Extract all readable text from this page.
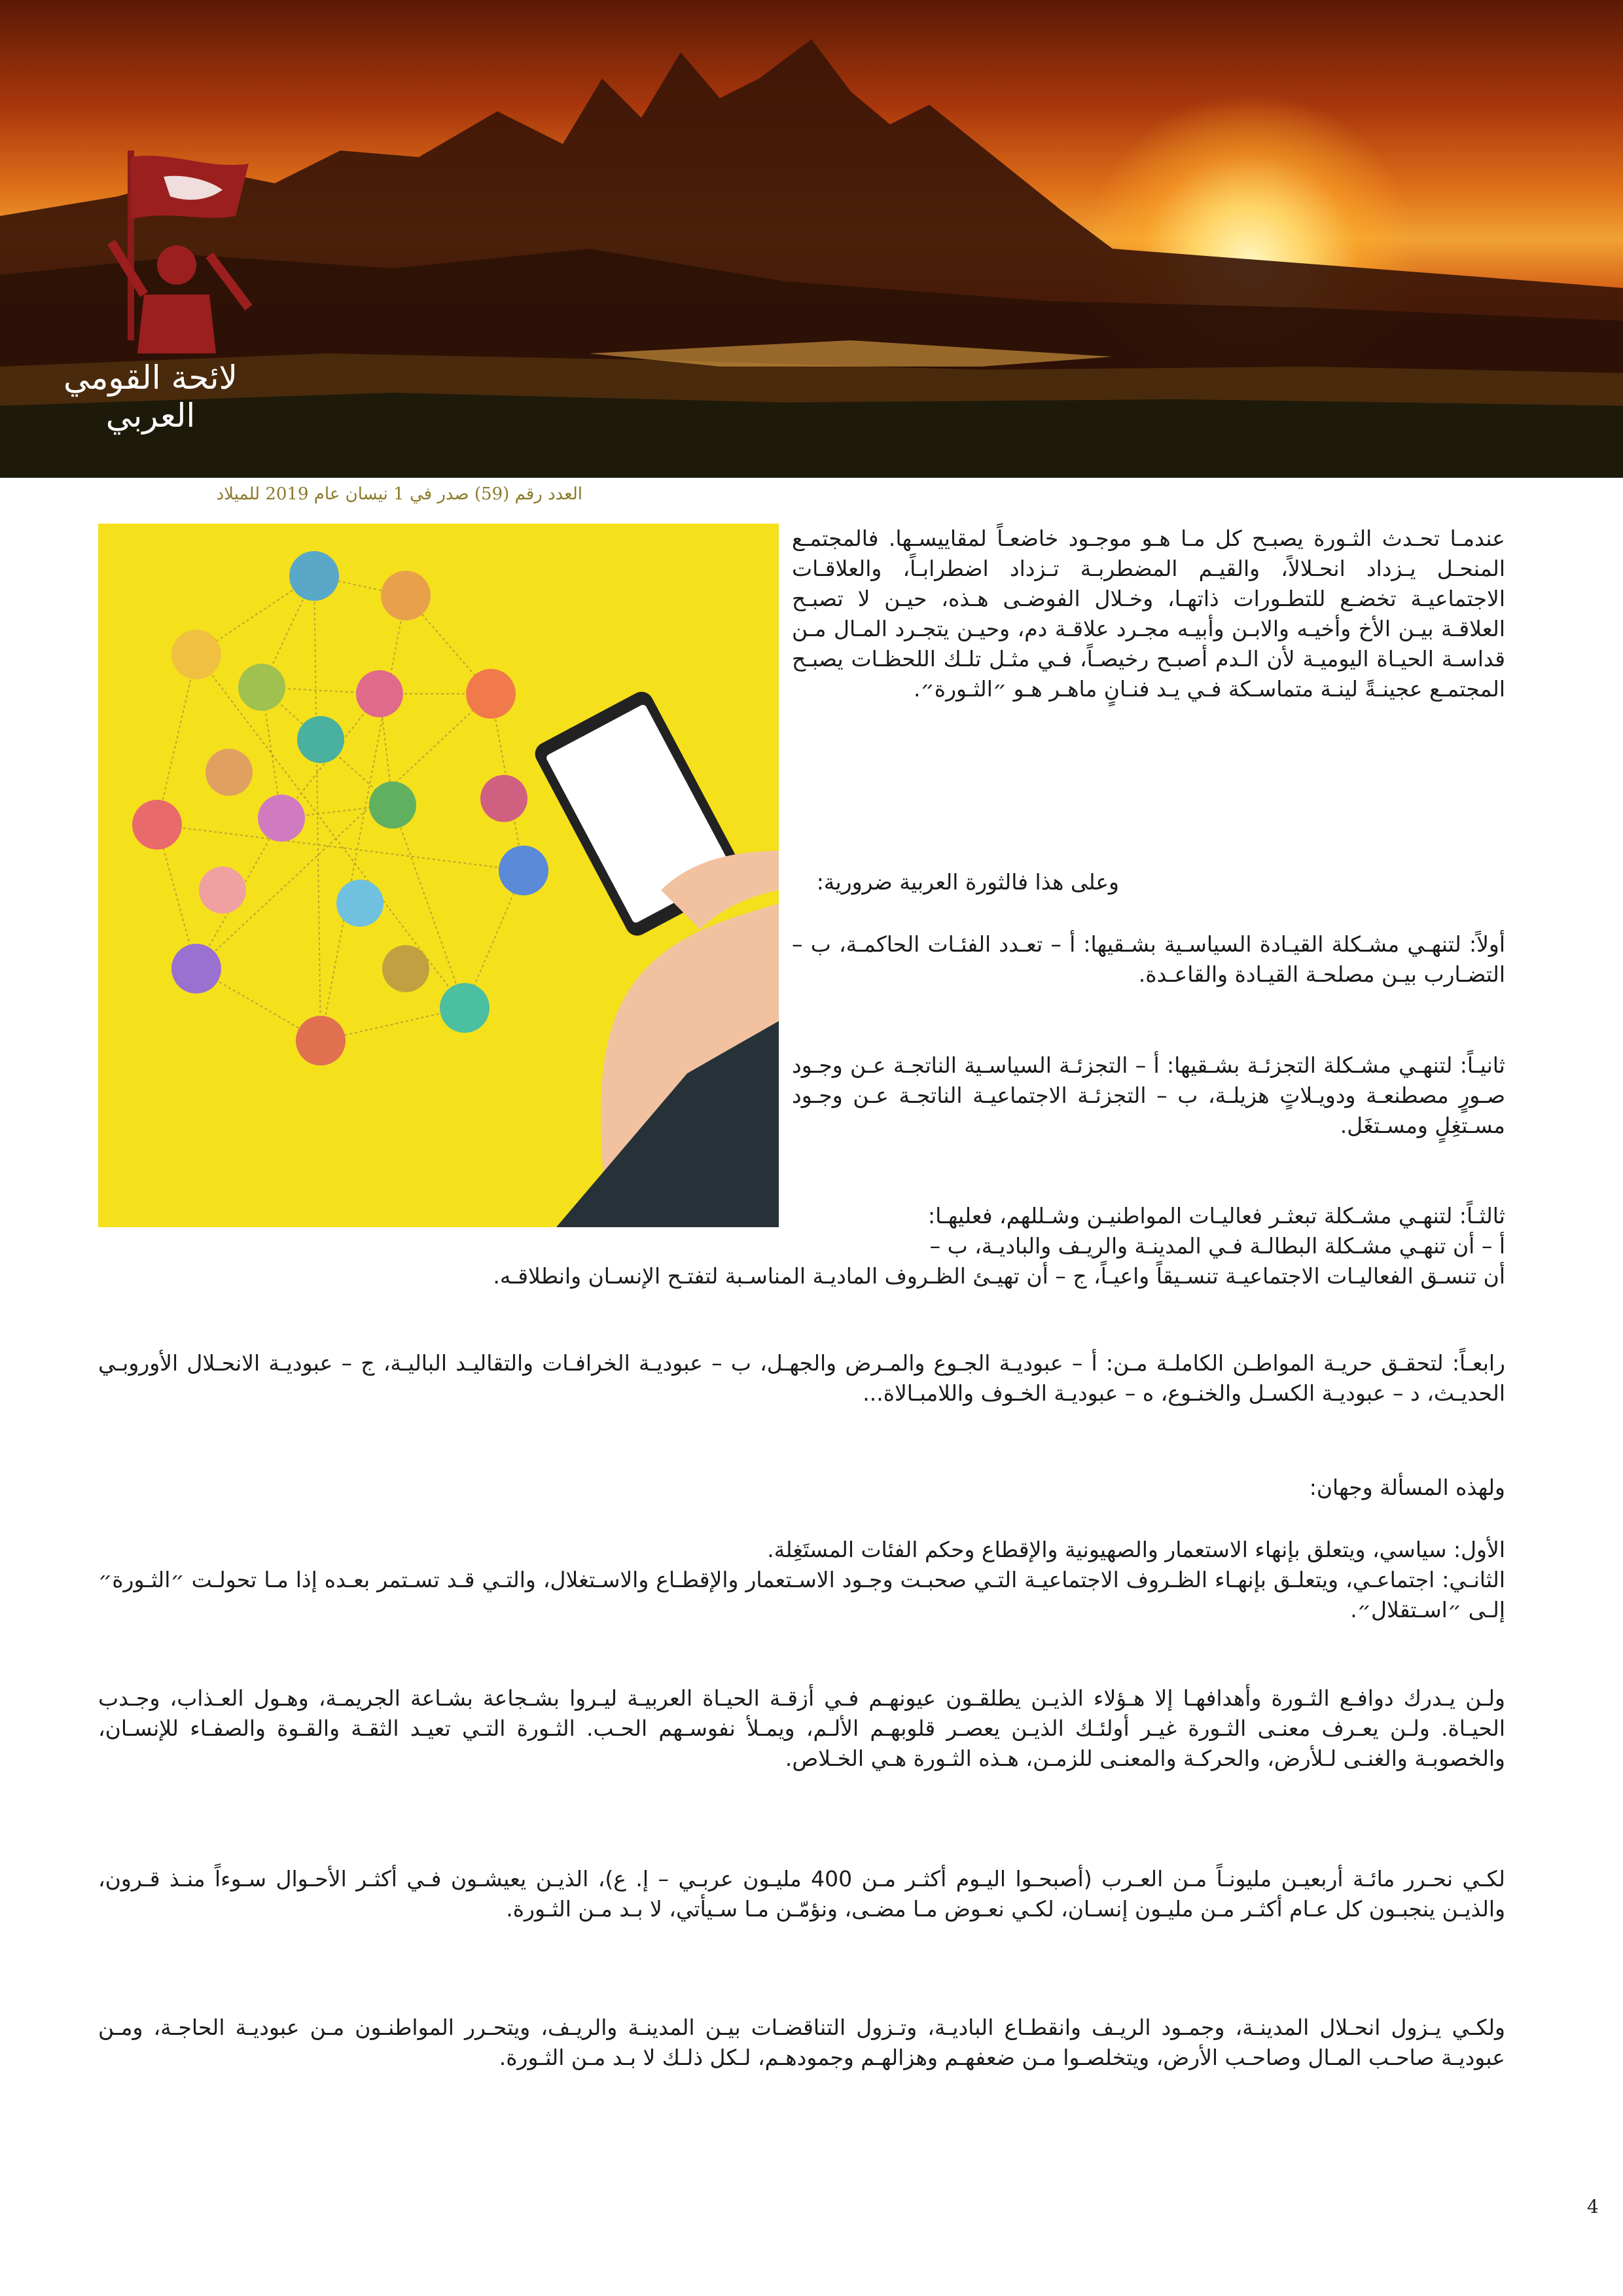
لائحة القومي العربي
العدد رقم (59) صدر في 1 نيسان عام 2019 للميلاد

عندمـا تحـدث الثـورة يصبـح كل مـا هـو موجـود خاضعـاً لمقاييسـها. فالمجتمـع المنحـل يـزداد انحـلالاً، والقيـم المضطربـة تـزداد اضطرابـاً، والعلاقـات الاجتماعيـة تخضـع للتطـورات ذاتهـا، وخـلال الفوضـى هـذه، حيـن لا تصبـح العلاقـة بيـن الأخ وأخيـه والابـن وأبيـه مجـرد علاقـة دم، وحيـن يتجـرد المـال مـن قداسـة الحيـاة اليوميـة لأن الـدم أصبـح رخيصـاً، فـي مثـل تلـك اللحظـات يصبـح المجتمـع عجينـةً لينـة متماسـكة فـي يـد فنـانٍ ماهـر هـو ״الثـورة״.

وعلى هذا فالثورة العربية ضرورية:

أولاً: لتنهـي مشـكلة القيـادة السياسـية بشـقيها: أ – تعـدد الفئـات الحاكمـة، ب – التضـارب بيـن مصلحـة القيـادة والقاعـدة.

ثانيـاً: لتنهـي مشـكلة التجزئـة بشـقيها: أ – التجزئـة السياسـية الناتجـة عـن وجـود صـورٍ مصطنعـة ودويـلاتٍ هزيلـة، ب – التجزئـة الاجتماعيـة الناتجـة عـن وجـود مسـتغِلٍ ومسـتغَل.

ثالثـاً: لتنهـي مشـكلة تبعثـر فعاليـات المواطنيـن وشـللهم، فعليهـا:

أ – أن تنهـي مشـكلة البطالـة فـي المدينـة والريـف والباديـة، ب –

أن تنسـق الفعاليـات الاجتماعيـة تنسـيقاً واعيـاً، ج – أن تهيـئ الظـروف الماديـة المناسـبة لتفتـح الإنسـان وانطلاقـه.

رابعـاً: لتحقـق حريـة المواطـن الكاملـة مـن: أ – عبوديـة الجـوع والمـرض والجهـل، ب – عبوديـة الخرافـات والتقاليـد الباليـة، ج – عبوديـة الانحـلال الأوروبـي الحديـث، د – عبوديـة الكسـل والخنـوع، ه – عبوديـة الخـوف واللامبـالاة...

ولهذه المسألة وجهان:

الأول: سياسي، ويتعلق بإنهاء الاستعمار والصهيونية والإقطاع وحكم الفئات المستَغِلة.

الثانـي: اجتماعـي، ويتعلـق بإنهـاء الظـروف الاجتماعيـة التـي صحبـت وجـود الاسـتعمار والإقطـاع والاسـتغلال، والتـي قـد تسـتمر بعـده إذا مـا تحولـت ״الثـورة״ إلـى ״اسـتقلال״.

ولـن يـدرك دوافـع الثـورة وأهدافهـا إلا هـؤلاء الذيـن يطلقـون عيونهـم فـي أزقـة الحيـاة العربيـة ليـروا بشـجاعة بشـاعة الجريمـة، وهـول العـذاب، وجـدب الحيـاة. ولـن يعـرف معنـى الثـورة غيـر أولئـك الذيـن يعصـر قلوبهـم الألـم، ويمـلأ نفوسـهم الحـب. الثـورة التـي تعيـد الثقـة والقـوة والصفـاء للإنسـان، والخصوبـة والغنـى لـلأرض، والحركـة والمعنـى للزمـن، هـذه الثـورة هـي الخـلاص.

لكـي نحـرر مائـة أربعيـن مليونـاً مـن العـرب (أصبحـوا اليـوم أكثـر مـن 400 مليـون عربـي – إ. ع)، الذيـن يعيشـون فـي أكثـر الأحـوال سـوءاً منـذ قـرون، والذيـن ينجبـون كل عـام أكثـر مـن مليـون إنسـان، لكـي نعـوض مـا مضـى، ونؤمّـن مـا سـيأتي، لا بـد مـن الثـورة.

ولكـي يـزول انحـلال المدينـة، وجمـود الريـف وانقطـاع الباديـة، وتـزول التناقضـات بيـن المدينـة والريـف، ويتحـرر المواطنـون مـن عبوديـة الحاجـة، ومـن عبوديـة صاحـب المـال وصاحـب الأرض، ويتخلصـوا مـن ضعفهـم وهزالهـم وجمودهـم، لـكل ذلـك لا بـد مـن الثـورة.

4
